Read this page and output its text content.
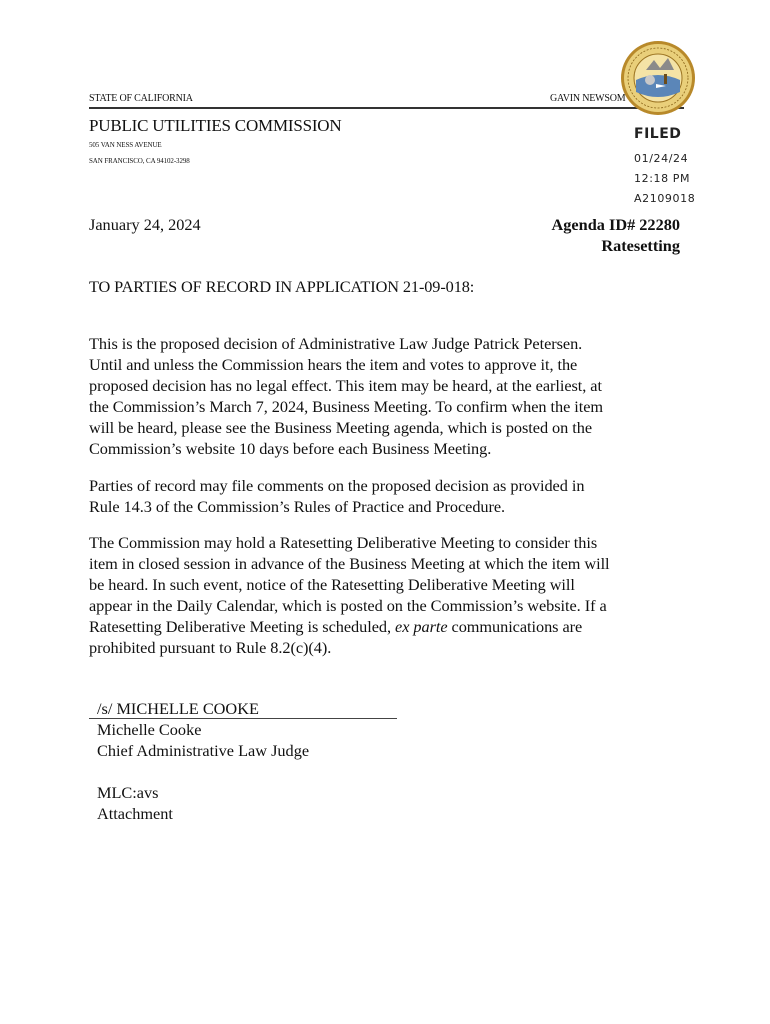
STATE OF CALIFORNIA	GAVIN NEWSOM
PUBLIC UTILITIES COMMISSION
505 VAN NESS AVENUE
SAN FRANCISCO, CA 94102-3298
FILED
01/24/24
12:18 PM
A2109018
January 24, 2024	Agenda ID# 22280
Ratesetting
TO PARTIES OF RECORD IN APPLICATION 21-09-018:
This is the proposed decision of Administrative Law Judge Patrick Petersen.
Until and unless the Commission hears the item and votes to approve it, the
proposed decision has no legal effect. This item may be heard, at the earliest, at
the Commission’s March 7, 2024, Business Meeting. To confirm when the item
will be heard, please see the Business Meeting agenda, which is posted on the
Commission’s website 10 days before each Business Meeting.
Parties of record may file comments on the proposed decision as provided in
Rule 14.3 of the Commission’s Rules of Practice and Procedure.
The Commission may hold a Ratesetting Deliberative Meeting to consider this
item in closed session in advance of the Business Meeting at which the item will
be heard. In such event, notice of the Ratesetting Deliberative Meeting will
appear in the Daily Calendar, which is posted on the Commission’s website. If a
Ratesetting Deliberative Meeting is scheduled, ex parte communications are
prohibited pursuant to Rule 8.2(c)(4).
/s/ MICHELLE COOKE
Michelle Cooke
Chief Administrative Law Judge
MLC:avs
Attachment
